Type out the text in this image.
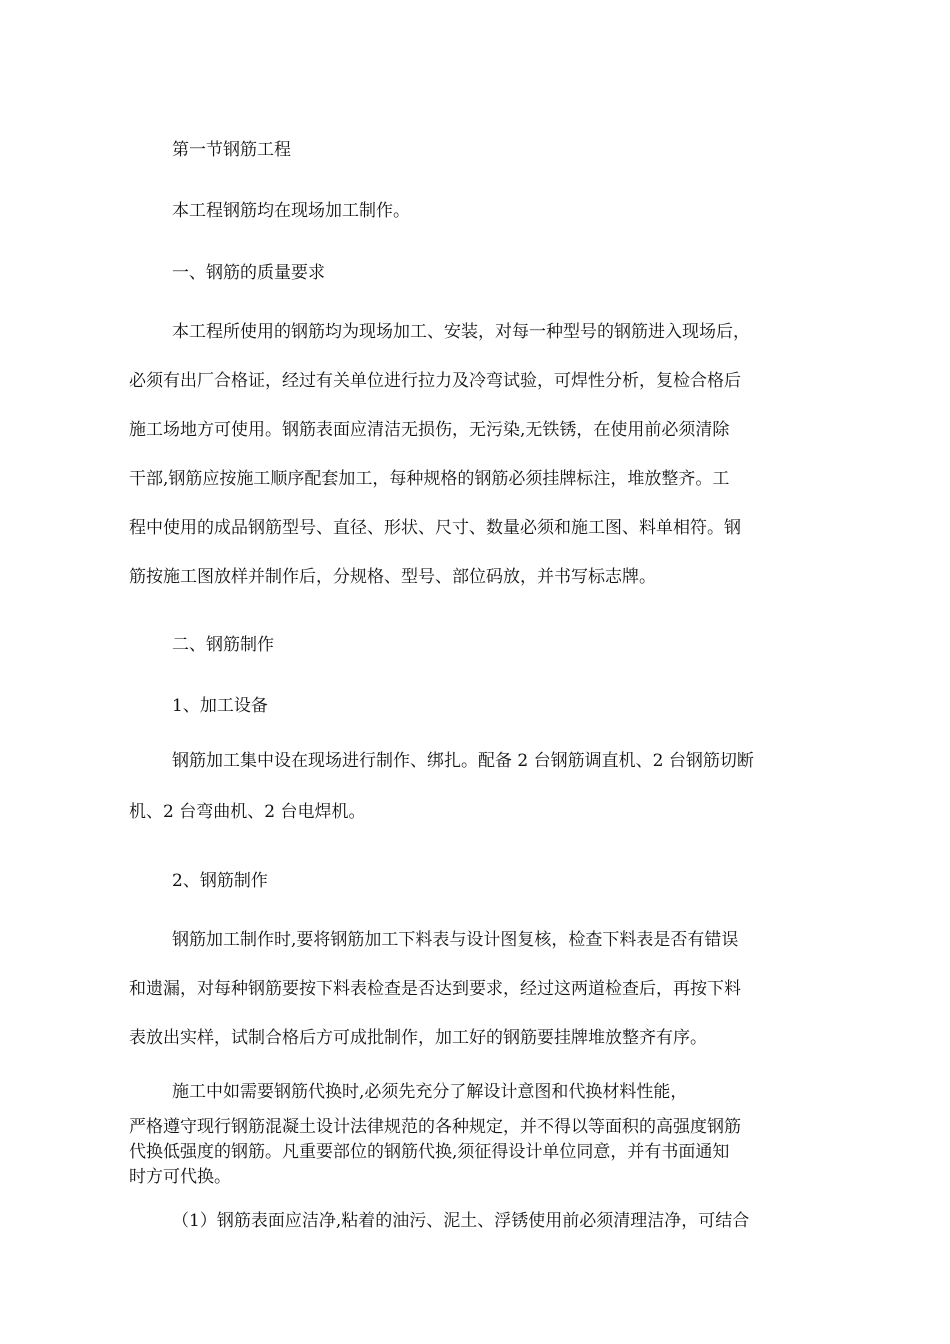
第一节钢筋工程
本工程钢筋均在现场加工制作。
一、钢筋的质量要求
本工程所使用的钢筋均为现场加工、安装，对每一种型号的钢筋进入现场后，
必须有出厂合格证，经过有关单位进行拉力及冷弯试验，可焊性分析，复检合格后
施工场地方可使用。钢筋表面应清洁无损伤，无污染,无铁锈，在使用前必须清除
干部,钢筋应按施工顺序配套加工，每种规格的钢筋必须挂牌标注，堆放整齐。工
程中使用的成品钢筋型号、直径、形状、尺寸、数量必须和施工图、料单相符。钢
筋按施工图放样并制作后，分规格、型号、部位码放，并书写标志牌。
二、钢筋制作
1、加工设备
钢筋加工集中设在现场进行制作、绑扎。配备 2 台钢筋调直机、2 台钢筋切断
机、2 台弯曲机、2 台电焊机。
2、钢筋制作
钢筋加工制作时,要将钢筋加工下料表与设计图复核，检查下料表是否有错误
和遗漏，对每种钢筋要按下料表检查是否达到要求，经过这两道检查后，再按下料
表放出实样，试制合格后方可成批制作，加工好的钢筋要挂牌堆放整齐有序。
施工中如需要钢筋代换时,必须先充分了解设计意图和代换材料性能，
严格遵守现行钢筋混凝土设计法律规范的各种规定，并不得以等面积的高强度钢筋
代换低强度的钢筋。凡重要部位的钢筋代换,须征得设计单位同意，并有书面通知
时方可代换。
（1）钢筋表面应洁净,粘着的油污、泥土、浮锈使用前必须清理洁净，可结合
